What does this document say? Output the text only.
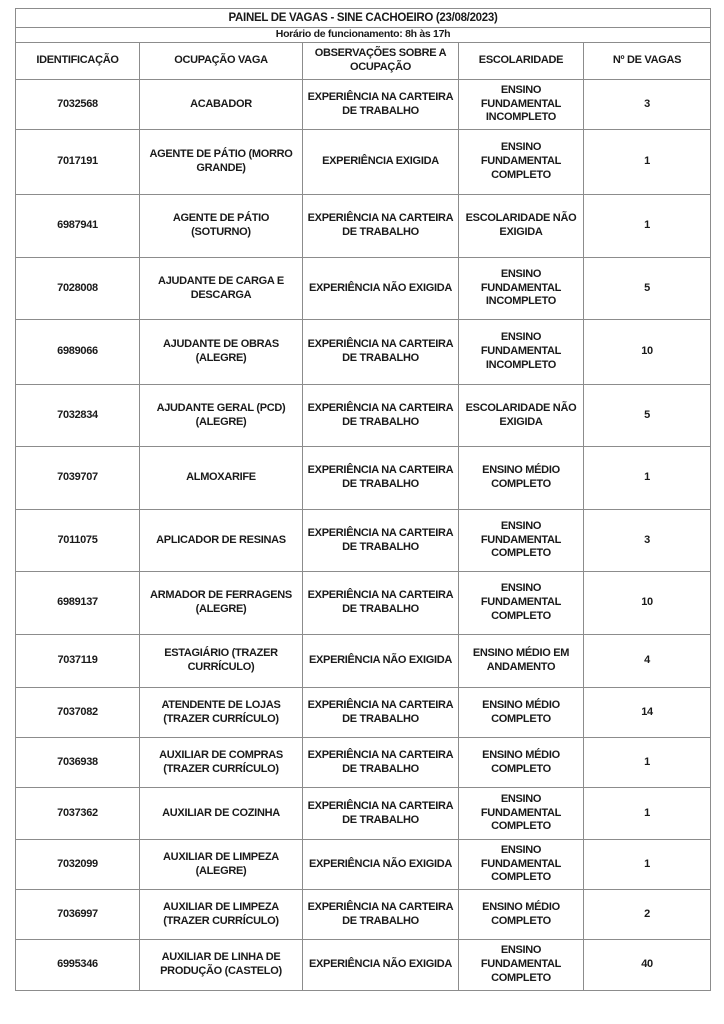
PAINEL DE VAGAS - SINE CACHOEIRO (23/08/2023)				
Horário de funcionamento: 8h às 17h				
IDENTIFICAÇÃO	OCUPAÇÃO VAGA	OBSERVAÇÕES SOBRE A OCUPAÇÃO	ESCOLARIDADE	Nº DE VAGAS
7032568	ACABADOR	EXPERIÊNCIA NA CARTEIRA DE TRABALHO	ENSINO FUNDAMENTAL INCOMPLETO	3
7017191	AGENTE DE PÁTIO (MORRO GRANDE)	EXPERIÊNCIA EXIGIDA	ENSINO FUNDAMENTAL COMPLETO	1
6987941	AGENTE DE PÁTIO (SOTURNO)	EXPERIÊNCIA NA CARTEIRA DE TRABALHO	ESCOLARIDADE NÃO EXIGIDA	1
7028008	AJUDANTE DE CARGA E DESCARGA	EXPERIÊNCIA NÃO EXIGIDA	ENSINO FUNDAMENTAL INCOMPLETO	5
6989066	AJUDANTE DE OBRAS (ALEGRE)	EXPERIÊNCIA NA CARTEIRA DE TRABALHO	ENSINO FUNDAMENTAL INCOMPLETO	10
7032834	AJUDANTE GERAL (PCD) (ALEGRE)	EXPERIÊNCIA NA CARTEIRA DE TRABALHO	ESCOLARIDADE NÃO EXIGIDA	5
7039707	ALMOXARIFE	EXPERIÊNCIA NA CARTEIRA DE TRABALHO	ENSINO MÉDIO COMPLETO	1
7011075	APLICADOR DE RESINAS	EXPERIÊNCIA NA CARTEIRA DE TRABALHO	ENSINO FUNDAMENTAL COMPLETO	3
6989137	ARMADOR DE FERRAGENS (ALEGRE)	EXPERIÊNCIA NA CARTEIRA DE TRABALHO	ENSINO FUNDAMENTAL COMPLETO	10
7037119	ESTAGIÁRIO (TRAZER CURRÍCULO)	EXPERIÊNCIA NÃO EXIGIDA	ENSINO MÉDIO EM ANDAMENTO	4
7037082	ATENDENTE DE LOJAS (TRAZER CURRÍCULO)	EXPERIÊNCIA NA CARTEIRA DE TRABALHO	ENSINO MÉDIO COMPLETO	14
7036938	AUXILIAR DE COMPRAS (TRAZER CURRÍCULO)	EXPERIÊNCIA NA CARTEIRA DE TRABALHO	ENSINO MÉDIO COMPLETO	1
7037362	AUXILIAR DE COZINHA	EXPERIÊNCIA NA CARTEIRA DE TRABALHO	ENSINO FUNDAMENTAL COMPLETO	1
7032099	AUXILIAR DE LIMPEZA (ALEGRE)	EXPERIÊNCIA NÃO EXIGIDA	ENSINO FUNDAMENTAL COMPLETO	1
7036997	AUXILIAR DE LIMPEZA (TRAZER CURRÍCULO)	EXPERIÊNCIA NA CARTEIRA DE TRABALHO	ENSINO MÉDIO COMPLETO	2
6995346	AUXILIAR DE LINHA DE PRODUÇÃO (CASTELO)	EXPERIÊNCIA NÃO EXIGIDA	ENSINO FUNDAMENTAL COMPLETO	40
